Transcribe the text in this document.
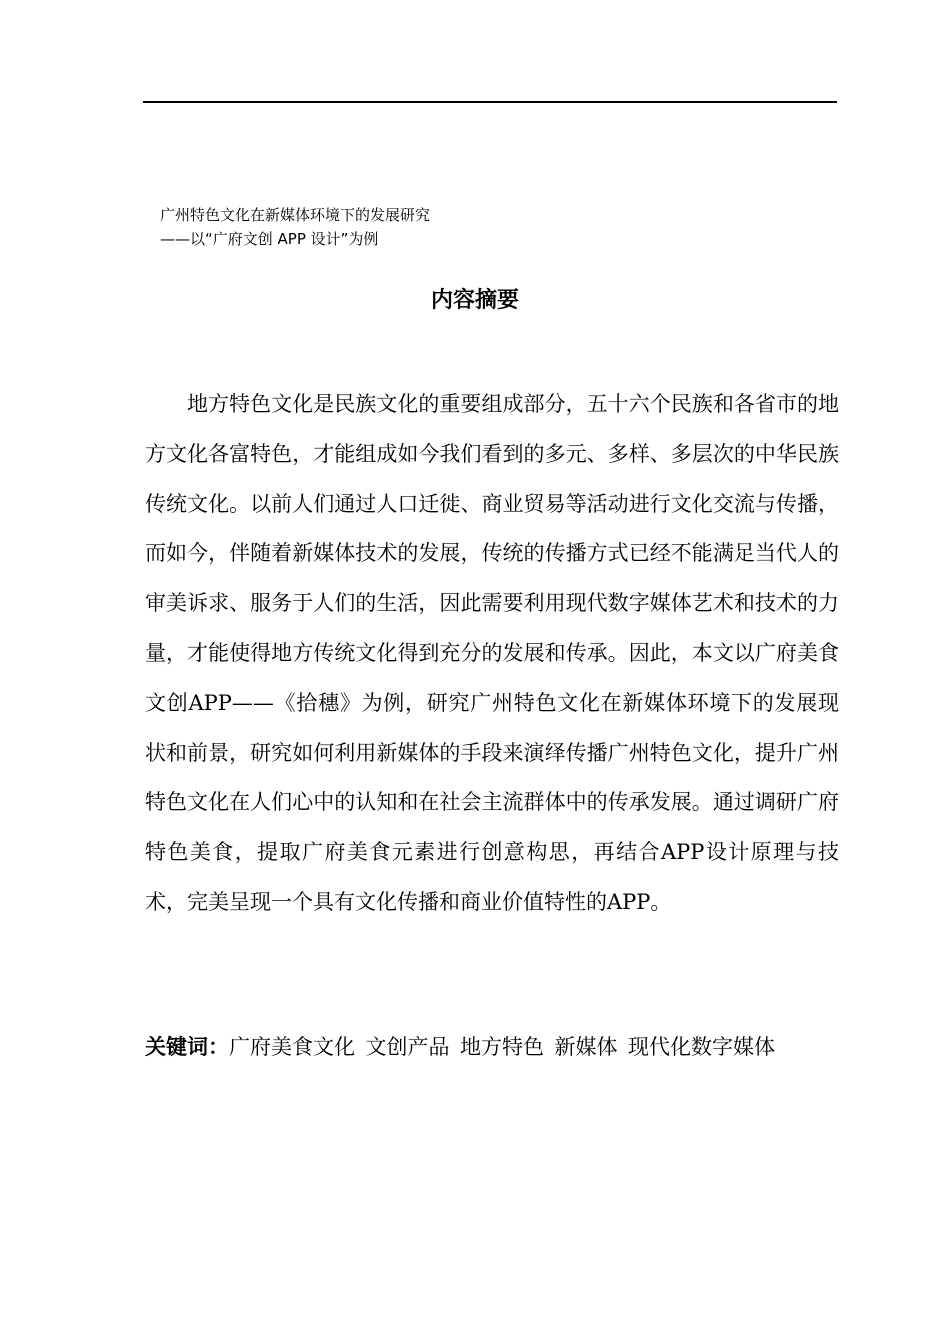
广州特色文化在新媒体环境下的发展研究
——以“广府文创 APP 设计”为例
内容摘要
地方特色文化是民族文化的重要组成部分，五十六个民族和各省市的地方文化各富特色，才能组成如今我们看到的多元、多样、多层次的中华民族传统文化。以前人们通过人口迁徙、商业贸易等活动进行文化交流与传播，而如今，伴随着新媒体技术的发展，传统的传播方式已经不能满足当代人的审美诉求、服务于人们的生活，因此需要利用现代数字媒体艺术和技术的力量，才能使得地方传统文化得到充分的发展和传承。因此，本文以广府美食文创APP——《拾穗》为例，研究广州特色文化在新媒体环境下的发展现状和前景，研究如何利用新媒体的手段来演绎传播广州特色文化，提升广州特色文化在人们心中的认知和在社会主流群体中的传承发展。通过调研广府特色美食，提取广府美食元素进行创意构思，再结合APP设计原理与技术，完美呈现一个具有文化传播和商业价值特性的APP。
关键词：广府美食文化 文创产品 地方特色 新媒体 现代化数字媒体
